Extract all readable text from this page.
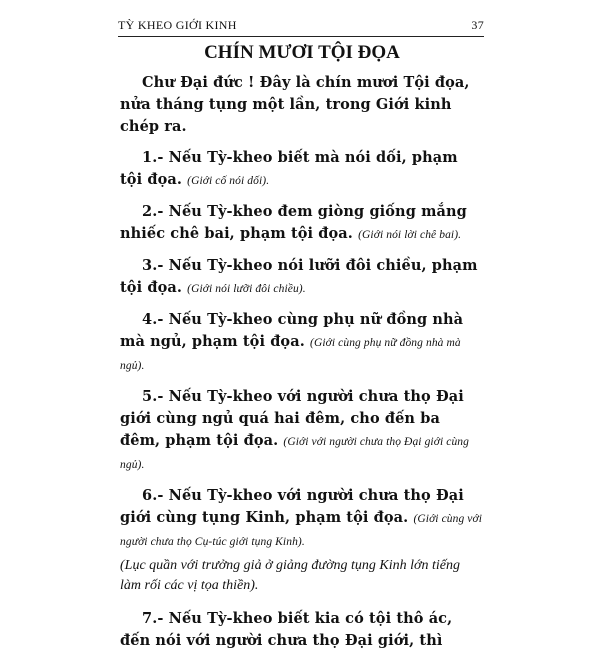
TỲ KHEO GIỚI KINH	37
CHÍN MƯƠI TỘI ĐỌA

Chư Đại đức ! Đây là chín mươi Tội đọa, nửa tháng tụng một lần, trong Giới kinh chép ra.

1.- Nếu Tỳ-kheo biết mà nói dối, phạm tội đọa. (Giới cố nói dối).

2.- Nếu Tỳ-kheo đem giòng giống mắng nhiếc chê bai, phạm tội đọa. (Giới nói lời chê bai).

3.- Nếu Tỳ-kheo nói lưỡi đôi chiều, phạm tội đọa. (Giới nói lưỡi đôi chiều).

4.- Nếu Tỳ-kheo cùng phụ nữ đồng nhà mà ngủ, phạm tội đọa. (Giới cùng phụ nữ đồng nhà mà ngủ).

5.- Nếu Tỳ-kheo với người chưa thọ Đại giới cùng ngủ quá hai đêm, cho đến ba đêm, phạm tội đọa. (Giới với người chưa thọ Đại giới cùng ngủ).

6.- Nếu Tỳ-kheo với người chưa thọ Đại giới cùng tụng Kinh, phạm tội đọa. (Giới cùng với người chưa thọ Cụ-túc giới tụng Kinh).

(Lục quần với trưởng giả ở giảng đường tụng Kinh lớn tiếng làm rối các vị tọa thiền).

7.- Nếu Tỳ-kheo biết kia có tội thô ác, đến nói với người chưa thọ Đại giới, thì
